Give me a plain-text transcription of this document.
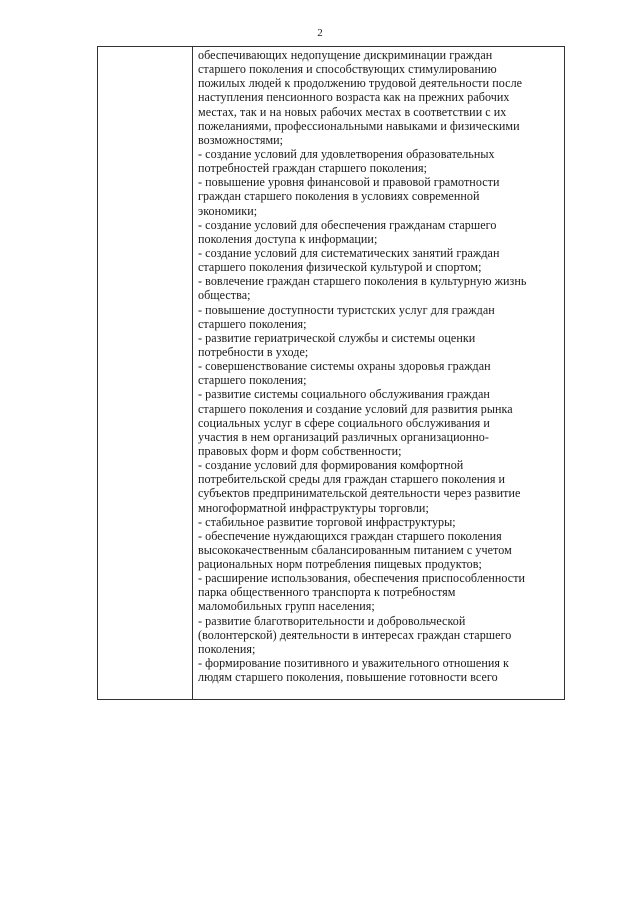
2
обеспечивающих недопущение дискриминации граждан
старшего поколения и способствующих стимулированию
пожилых людей к продолжению трудовой деятельности после
наступления пенсионного возраста как на прежних рабочих
местах, так и на новых рабочих местах в соответствии с их
пожеланиями, профессиональными навыками и физическими
возможностями;
- создание условий для удовлетворения образовательных
потребностей граждан старшего поколения;
- повышение уровня финансовой и правовой грамотности
граждан старшего поколения в условиях современной
экономики;
- создание условий для обеспечения гражданам старшего
поколения доступа к информации;
- создание условий для систематических занятий граждан
старшего поколения физической культурой и спортом;
- вовлечение граждан старшего поколения в культурную жизнь
общества;
- повышение доступности туристских услуг для граждан
старшего поколения;
- развитие гериатрической службы и системы оценки
потребности в уходе;
- совершенствование системы охраны здоровья граждан
старшего поколения;
- развитие системы социального обслуживания граждан
старшего поколения и создание условий для развития рынка
социальных услуг в сфере социального обслуживания и
участия в нем организаций различных организационно-
правовых форм и форм собственности;
- создание условий для формирования комфортной
потребительской среды для граждан старшего поколения и
субъектов предпринимательской деятельности через развитие
многоформатной инфраструктуры торговли;
- стабильное развитие торговой инфраструктуры;
- обеспечение нуждающихся граждан старшего поколения
высококачественным сбалансированным питанием с учетом
рациональных норм потребления пищевых продуктов;
- расширение использования, обеспечения приспособленности
парка общественного транспорта к потребностям
маломобильных групп населения;
- развитие благотворительности и добровольческой
(волонтерской) деятельности в интересах граждан старшего
поколения;
- формирование позитивного и уважительного отношения к
людям старшего поколения, повышение готовности всего
